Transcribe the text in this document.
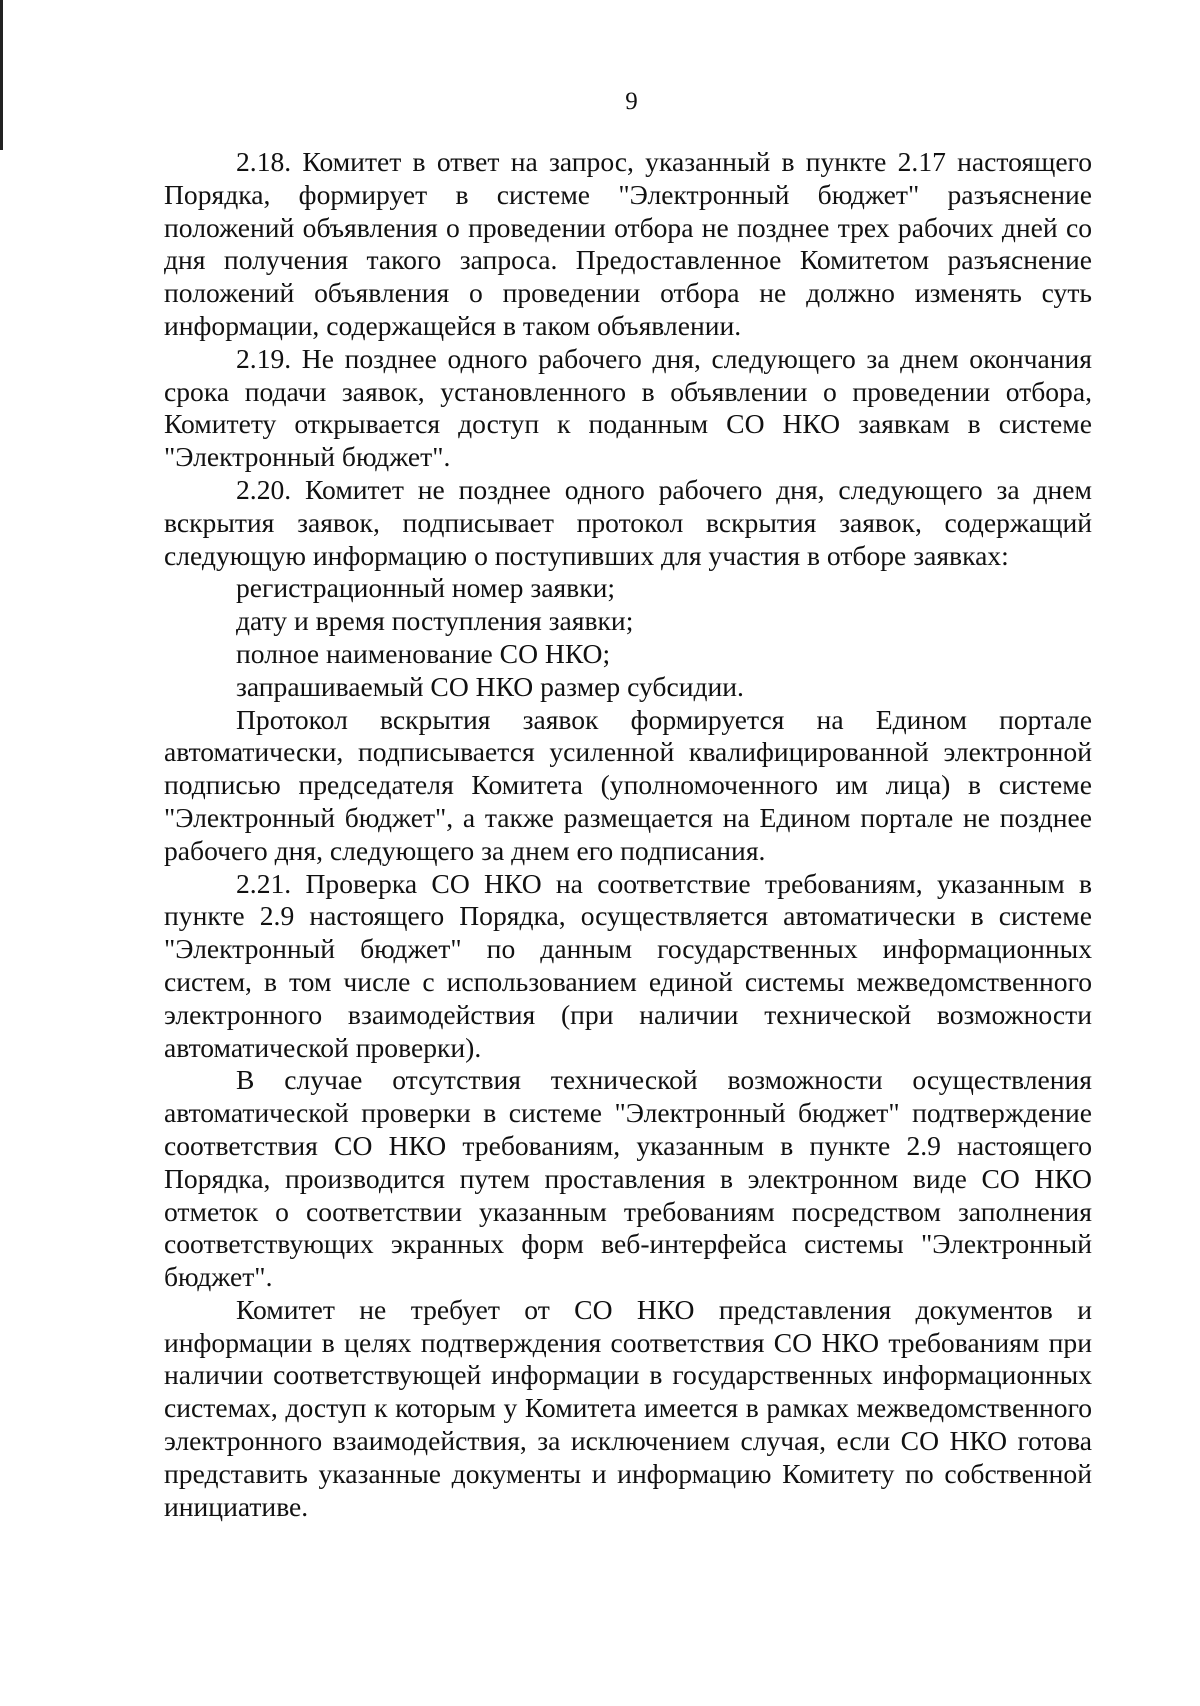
9

2.18. Комитет в ответ на запрос, указанный в пункте 2.17 настоящего Порядка, формирует в системе "Электронный бюджет" разъяснение положений объявления о проведении отбора не позднее трех рабочих дней со дня получения такого запроса. Предоставленное Комитетом разъяснение положений объявления о проведении отбора не должно изменять суть информации, содержащейся в таком объявлении.

2.19. Не позднее одного рабочего дня, следующего за днем окончания срока подачи заявок, установленного в объявлении о проведении отбора, Комитету открывается доступ к поданным СО НКО заявкам в системе "Электронный бюджет".

2.20. Комитет не позднее одного рабочего дня, следующего за днем вскрытия заявок, подписывает протокол вскрытия заявок, содержащий следующую информацию о поступивших для участия в отборе заявках:

регистрационный номер заявки;

дату и время поступления заявки;

полное наименование СО НКО;

запрашиваемый СО НКО размер субсидии.

Протокол вскрытия заявок формируется на Едином портале автоматически, подписывается усиленной квалифицированной электронной подписью председателя Комитета (уполномоченного им лица) в системе "Электронный бюджет", а также размещается на Едином портале не позднее рабочего дня, следующего за днем его подписания.

2.21. Проверка СО НКО на соответствие требованиям, указанным в пункте 2.9 настоящего Порядка, осуществляется автоматически в системе "Электронный бюджет" по данным государственных информационных систем, в том числе с использованием единой системы межведомственного электронного взаимодействия (при наличии технической возможности автоматической проверки).

В случае отсутствия технической возможности осуществления автоматической проверки в системе "Электронный бюджет" подтверждение соответствия СО НКО требованиям, указанным в пункте 2.9 настоящего Порядка, производится путем проставления в электронном виде СО НКО отметок о соответствии указанным требованиям посредством заполнения соответствующих экранных форм веб-интерфейса системы "Электронный бюджет".

Комитет не требует от СО НКО представления документов и информации в целях подтверждения соответствия СО НКО требованиям при наличии соответствующей информации в государственных информационных системах, доступ к которым у Комитета имеется в рамках межведомственного электронного взаимодействия, за исключением случая, если СО НКО готова представить указанные документы и информацию Комитету по собственной инициативе.
